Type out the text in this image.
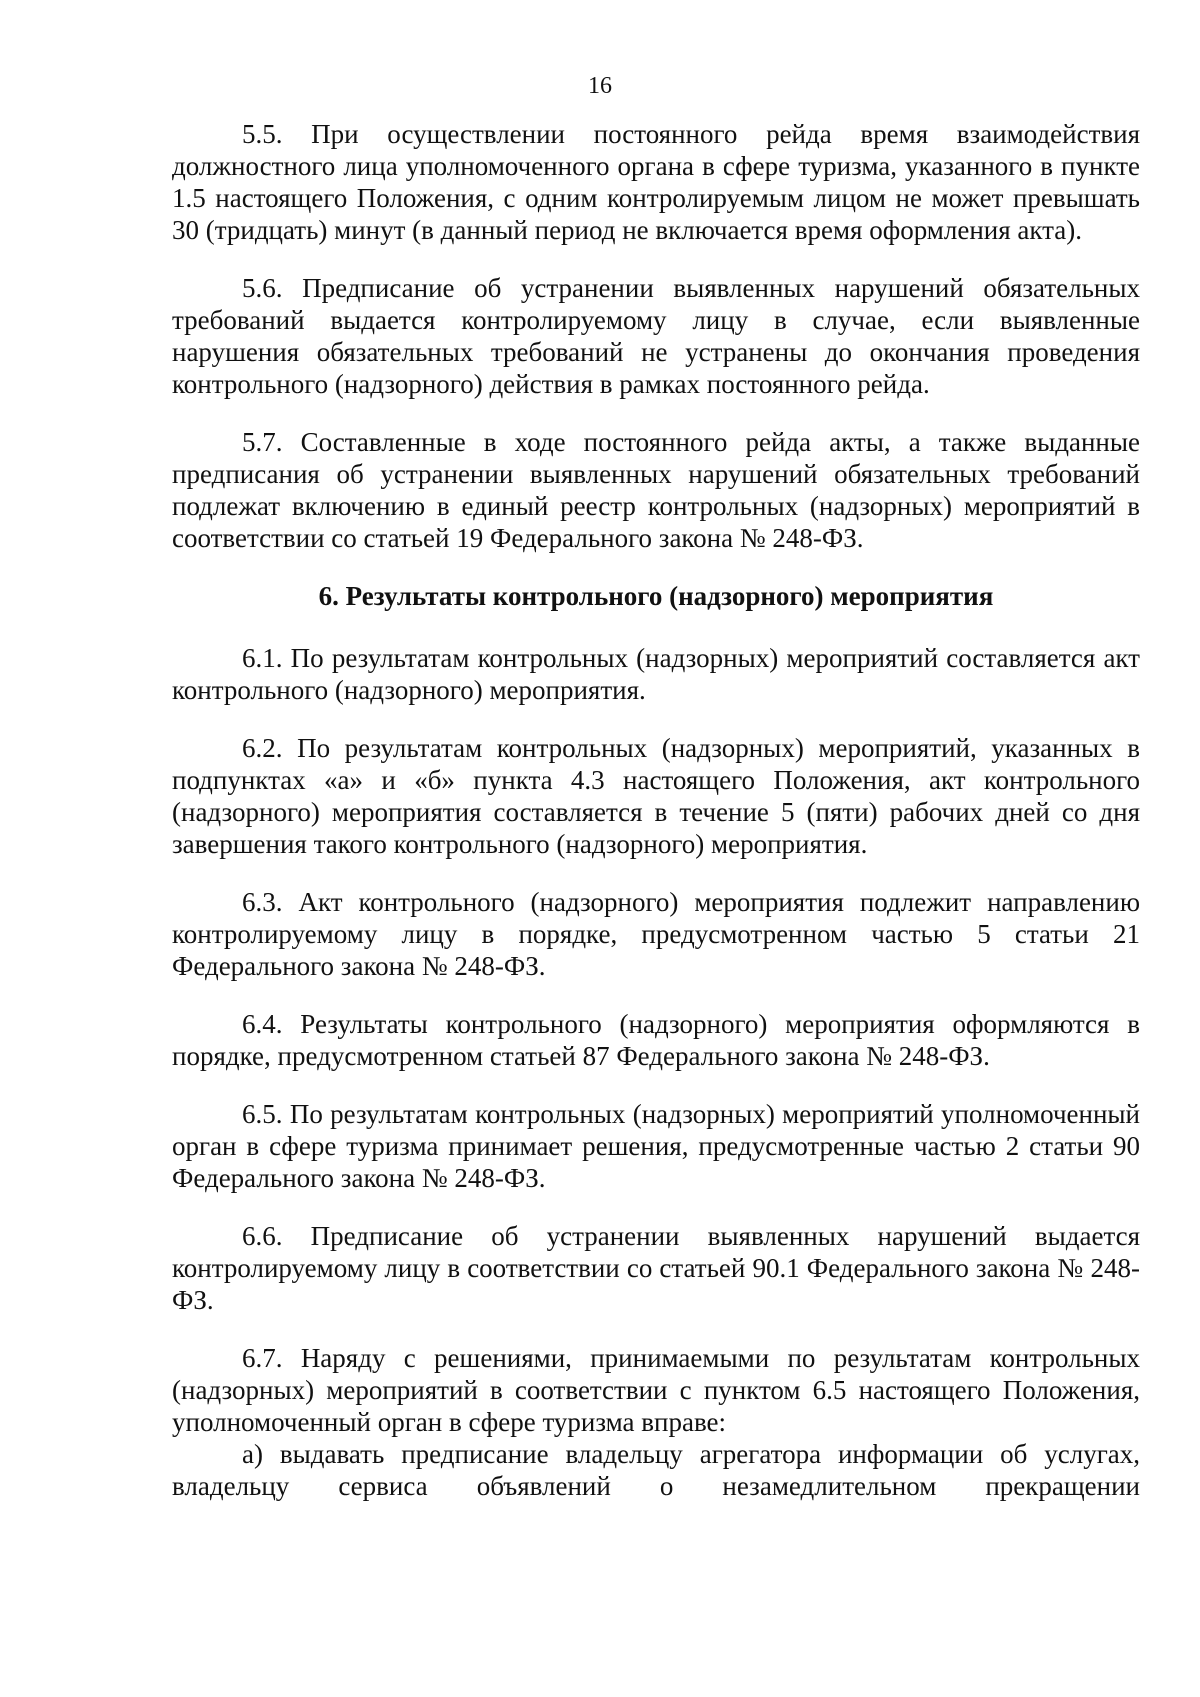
16

5.5. При осуществлении постоянного рейда время взаимодействия должностного лица уполномоченного органа в сфере туризма, указанного в пункте 1.5 настоящего Положения, с одним контролируемым лицом не может превышать 30 (тридцать) минут (в данный период не включается время оформления акта).

5.6. Предписание об устранении выявленных нарушений обязательных требований выдается контролируемому лицу в случае, если выявленные нарушения обязательных требований не устранены до окончания проведения контрольного (надзорного) действия в рамках постоянного рейда.

5.7. Составленные в ходе постоянного рейда акты, а также выданные предписания об устранении выявленных нарушений обязательных требований подлежат включению в единый реестр контрольных (надзорных) мероприятий в соответствии со статьей 19 Федерального закона № 248-ФЗ.

6. Результаты контрольного (надзорного) мероприятия

6.1. По результатам контрольных (надзорных) мероприятий составляется акт контрольного (надзорного) мероприятия.

6.2. По результатам контрольных (надзорных) мероприятий, указанных в подпунктах «а» и «б» пункта 4.3 настоящего Положения, акт контрольного (надзорного) мероприятия составляется в течение 5 (пяти) рабочих дней со дня завершения такого контрольного (надзорного) мероприятия.

6.3. Акт контрольного (надзорного) мероприятия подлежит направлению контролируемому лицу в порядке, предусмотренном частью 5 статьи 21 Федерального закона № 248-ФЗ.

6.4. Результаты контрольного (надзорного) мероприятия оформляются в порядке, предусмотренном статьей 87 Федерального закона № 248-ФЗ.

6.5. По результатам контрольных (надзорных) мероприятий уполномоченный орган в сфере туризма принимает решения, предусмотренные частью 2 статьи 90 Федерального закона № 248-ФЗ.

6.6. Предписание об устранении выявленных нарушений выдается контролируемому лицу в соответствии со статьей 90.1 Федерального закона № 248-ФЗ.

6.7. Наряду с решениями, принимаемыми по результатам контрольных (надзорных) мероприятий в соответствии с пунктом 6.5 настоящего Положения, уполномоченный орган в сфере туризма вправе:

а) выдавать предписание владельцу агрегатора информации об услугах, владельцу сервиса объявлений о незамедлительном прекращении
